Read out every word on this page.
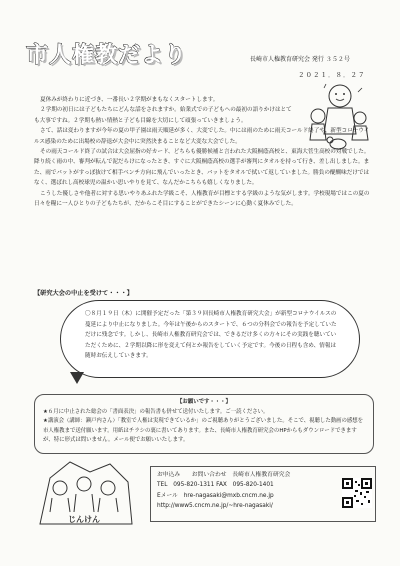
市人権教だより	長崎市人権教育研究会 発行 ３５２号
２０２１．８．２７

夏休みが終わりに近づき、一番長い２学期がまもなくスタートします。

２学期の初日には子どもたちにどんな話をされますか。始業式での子どもへの最初の語りかけはとても大事ですね。２学期も熱い情熱と子ども目線を大切にして頑張っていきましょう。

さて、話は変わりますが今年の夏の甲子園は雨天順延が多く、大変でした。中には雨のために雨天コールド終了や、新型コロナウイルス感染のために出場校の辞退が大会中に突然決まることなど大変な大会でした。

その雨天コールド終了の試合は大会屈指の好カード、どちらも優勝候補と言われた大阪桐蔭高校と、東海大菅生高校の対戦でした。降り続く雨の中、審判が転んで泥だらけになったとき、すぐに大阪桐蔭高校の選手が審判にタオルを持って行き、差し出しました。また、雨でバットがすっぽ抜けて相手ベンチ方向に飛んでいったとき、バットをタオルで拭いて返していました。勝負の醍醐味だけではなく、選ばれし高校球児の温かい思いやりを見て、なんだかこちらも嬉しくなりました。

こうした優しさや他者に対する思いやりあふれた学級こそ、人権教育が目標とする学級のような気がします。学校現場ではこの夏の日々を糧に一人ひとりの子どもたちが、だからこそ目にすることができたシーンに心動く夏休みでした。

【研究大会の中止を受けて・・・】
〇８月１９日（木）に開催予定だった「第３９回長崎市人権教育研究大会」が新型コロナウイルスの蔓延により中止になりました。今年は午後からのスタートで、６つの分科会での報告を予定していただけに残念です。しかし、長崎市人権教育研究会では、できるだけ多くの方々にその実践を聴いていただくために、２学期以降に形を変えて何とか報告をしていく予定です。今後の日程も含め、情報は随時お伝えしていきます。
【お願いです・・・】
★６月に中止された総会の「書面表決」の報告書も併せて送付いたします。ご一読ください。
★講演会（講師：瀬戸内さん）「教室で人権は実現できているか」のご視聴ありがとうございました。そこで、視聴した動画の感想を市人権教まで送付願います。用紙はチラシの裏に書いてあります。また、長崎市人権教育研究会のHPからもダウンロードできますが、特に形式は問いません。メール便でお願いいたします。
じんけん
お申込み　　お問い合わせ　長崎市人権教育研究会
TEL　095-820-1311 FAX　095-820-1401
Eメール　hre-nagasaki@mxb.cncm.ne.jp
http://www5.cncm.ne.jp/~hre-nagasaki/
